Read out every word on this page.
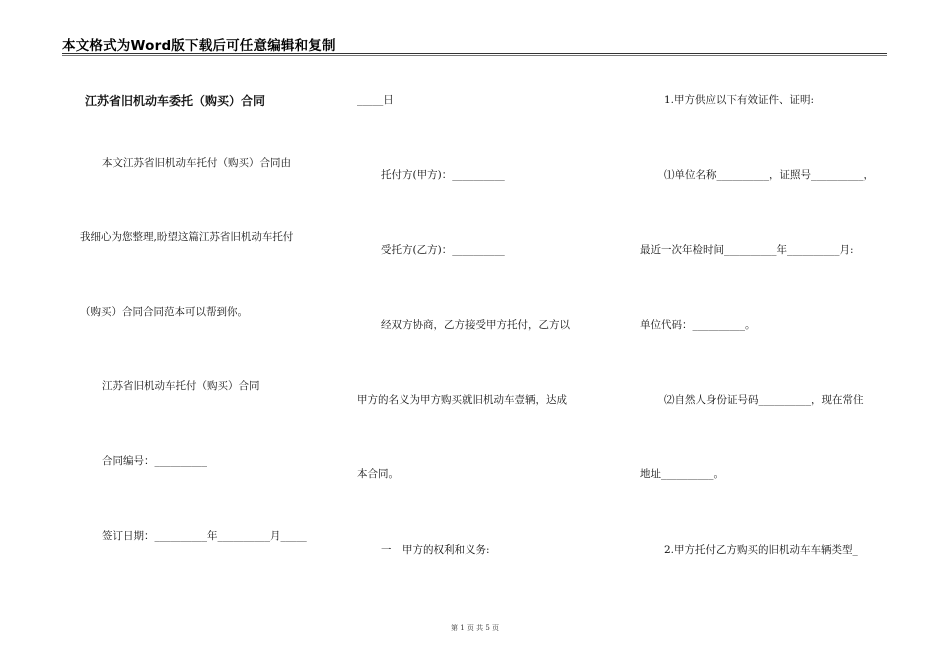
本文格式为Word版下载后可任意编辑和复制
江苏省旧机动车委托（购买）合同
本文江苏省旧机动车托付（购买）合同由
我细心为您整理,盼望这篇江苏省旧机动车托付
（购买）合同合同范本可以帮到你。
江苏省旧机动车托付（购买）合同
合同编号：__________
签订日期：__________年__________月_____
_____日
托付方(甲方)：__________
受托方(乙方)：__________
经双方协商，乙方接受甲方托付，乙方以
甲方的名义为甲方购买就旧机动车壹辆，达成
本合同。
一　甲方的权利和义务:
1.甲方供应以下有效证件、证明:
⑴单位名称__________，证照号__________，
最近一次年检时间__________年__________月:
单位代码：__________。
⑵自然人身份证号码__________，现在常住
地址__________。
2.甲方托付乙方购买的旧机动车车辆类型_
第 1 页 共 5 页
